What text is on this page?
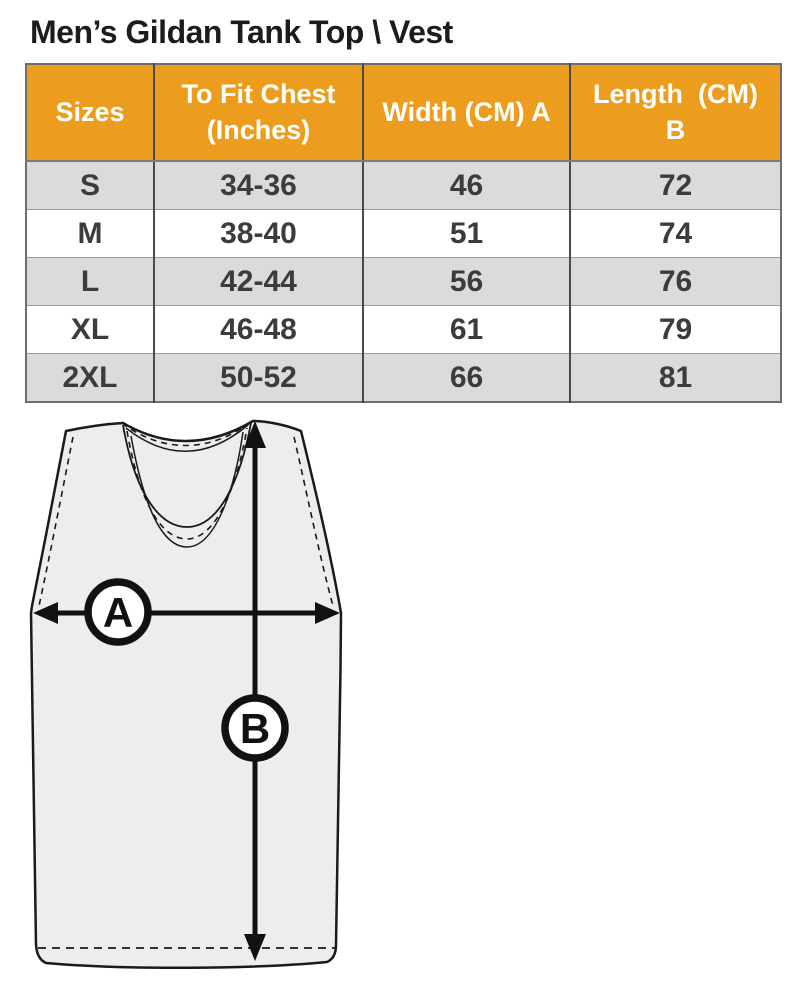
Men’s Gildan Tank Top \ Vest
Sizes

To Fit Chest
(Inches)

Width (CM) A

Length  (CM)
B

S	34-36	46	72
M	38-40	51	74
L	42-44	56	76
XL	46-48	61	79
2XL	50-52	66	81
A
B
